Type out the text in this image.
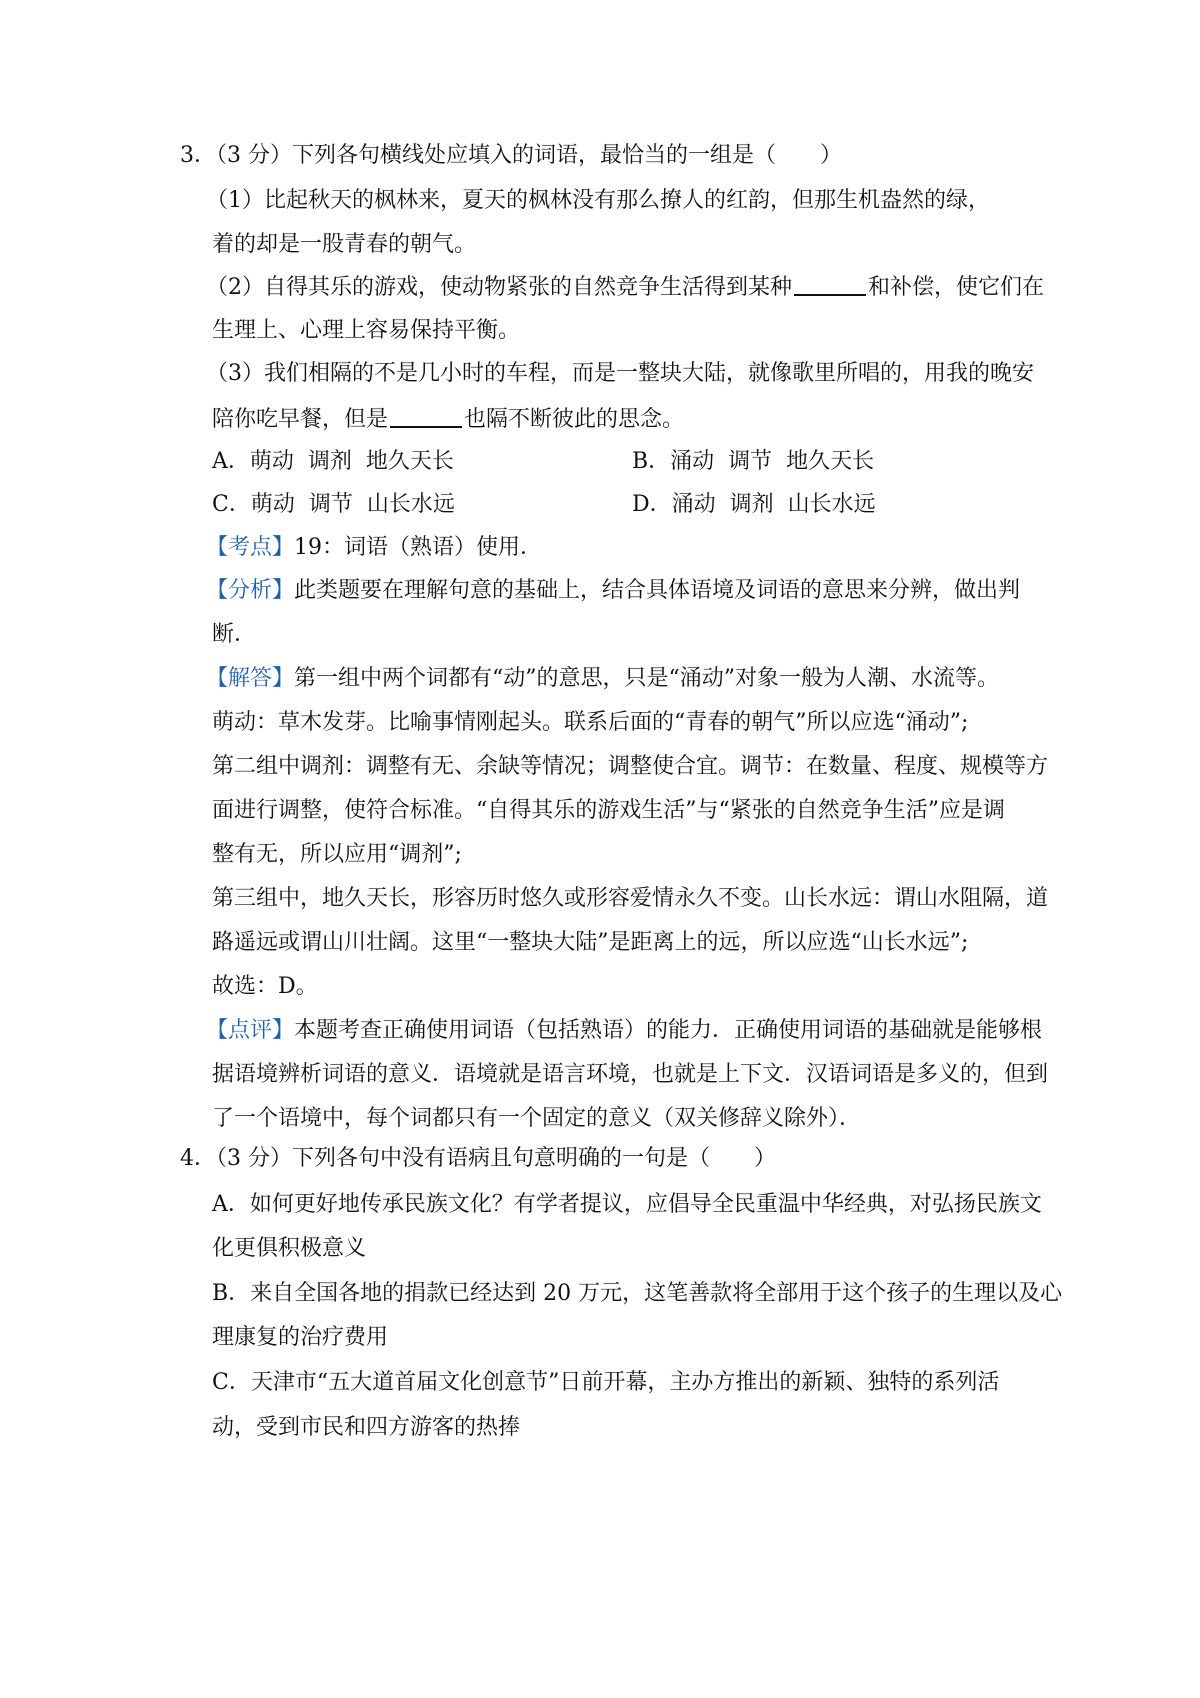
3．（3 分）下列各句横线处应填入的词语，最恰当的一组是（ ）
（1）比起秋天的枫林来，夏天的枫林没有那么撩人的红韵，但那生机盎然的绿，
着的却是一股青春的朝气。
（2）自得其乐的游戏，使动物紧张的自然竞争生活得到某种	和补偿，使它们在
生理上、心理上容易保持平衡。
（3）我们相隔的不是几小时的车程，而是一整块大陆，就像歌里所唱的，用我的晚安
陪你吃早餐，但是	也隔不断彼此的思念。
A．萌动  调剂  地久天长	B．涌动  调节  地久天长
C．萌动  调节  山长水远	D．涌动  调剂  山长水远
【考点】19：词语（熟语）使用．
【分析】此类题要在理解句意的基础上，结合具体语境及词语的意思来分辨，做出判
断．
【解答】第一组中两个词都有“动”的意思，只是“涌动”对象一般为人潮、水流等。
萌动：草木发芽。比喻事情刚起头。联系后面的“青春的朝气”所以应选“涌动”;
第二组中调剂：调整有无、余缺等情况；调整使合宜。调节：在数量、程度、规模等方
面进行调整，使符合标准。“自得其乐的游戏生活”与“紧张的自然竞争生活”应是调
整有无，所以应用“调剂”;
第三组中，地久天长，形容历时悠久或形容爱情永久不变。山长水远：谓山水阻隔，道
路遥远或谓山川壮阔。这里“一整块大陆”是距离上的远，所以应选“山长水远”;
故选：D。
【点评】本题考查正确使用词语（包括熟语）的能力．正确使用词语的基础就是能够根
据语境辨析词语的意义．语境就是语言环境，也就是上下文．汉语词语是多义的，但到
了一个语境中，每个词都只有一个固定的意义（双关修辞义除外）．
4．（3 分）下列各句中没有语病且句意明确的一句是（ ）
A．如何更好地传承民族文化？有学者提议，应倡导全民重温中华经典，对弘扬民族文
化更俱积极意义
B．来自全国各地的捐款已经达到 20 万元，这笔善款将全部用于这个孩子的生理以及心
理康复的治疗费用
C．天津市“五大道首届文化创意节”日前开幕，主办方推出的新颖、独特的系列活
动，受到市民和四方游客的热捧
